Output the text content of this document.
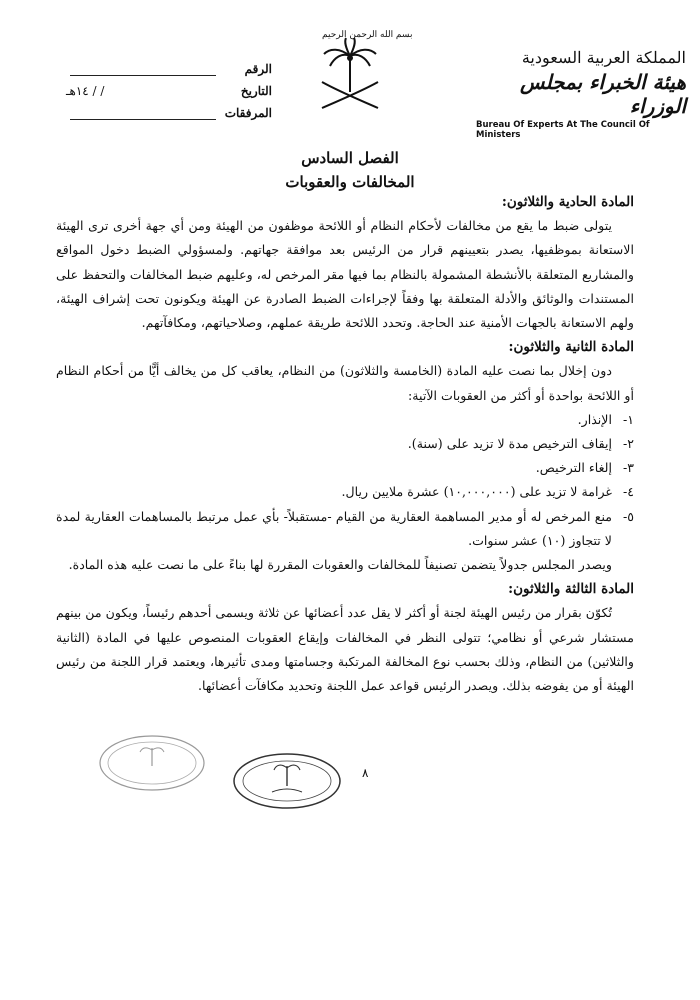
المملكة العربية السعودية
هيئة الخبراء بمجلس الوزراء
Bureau Of Experts At The Council Of Ministers
بسم الله الرحمن الرحيم
الرقم
التاريخ
/ / ١٤هـ
المرفقات
الفصل السادس
المخالفات والعقوبات
المادة الحادية والثلاثون:

يتولى ضبط ما يقع من مخالفات لأحكام النظام أو اللائحة موظفون من الهيئة ومن أي جهة أخرى ترى الهيئة الاستعانة بموظفيها، يصدر بتعيينهم قرار من الرئيس بعد موافقة جهاتهم. ولمسؤولي الضبط دخول المواقع والمشاريع المتعلقة بالأنشطة المشمولة بالنظام بما فيها مقر المرخص له، وعليهم ضبط المخالفات والتحفظ على المستندات والوثائق والأدلة المتعلقة بها وفقاً لإجراءات الضبط الصادرة عن الهيئة ويكونون تحت إشراف الهيئة، ولهم الاستعانة بالجهات الأمنية عند الحاجة. وتحدد اللائحة طريقة عملهم، وصلاحياتهم، ومكافآتهم.

المادة الثانية والثلاثون:

دون إخلال بما نصت عليه المادة (الخامسة والثلاثون) من النظام، يعاقب كل من يخالف أيًّا من أحكام النظام أو اللائحة بواحدة أو أكثر من العقوبات الآتية:

١-
الإنذار.
٢-
إيقاف الترخيص مدة لا تزيد على (سنة).
٣-
إلغاء الترخيص.
٤-
غرامة لا تزيد على (١٠,٠٠٠,٠٠٠) عشرة ملايين ريال.
٥-
منع المرخص له أو مدير المساهمة العقارية من القيام -مستقبلاً- بأي عمل مرتبط بالمساهمات العقارية لمدة لا تتجاوز (١٠) عشر سنوات.

ويصدر المجلس جدولاً يتضمن تصنيفاً للمخالفات والعقوبات المقررة لها بناءً على ما نصت عليه هذه المادة.

المادة الثالثة والثلاثون:

تُكوّن بقرار من رئيس الهيئة لجنة أو أكثر لا يقل عدد أعضائها عن ثلاثة ويسمى أحدهم رئيساً، ويكون من بينهم مستشار شرعي أو نظامي؛ تتولى النظر في المخالفات وإيقاع العقوبات المنصوص عليها في المادة (الثانية والثلاثين) من النظام، وذلك بحسب نوع المخالفة المرتكبة وجسامتها ومدى تأثيرها، ويعتمد قرار اللجنة من رئيس الهيئة أو من يفوضه بذلك. ويصدر الرئيس قواعد عمل اللجنة وتحديد مكافآت أعضائها.

٨
